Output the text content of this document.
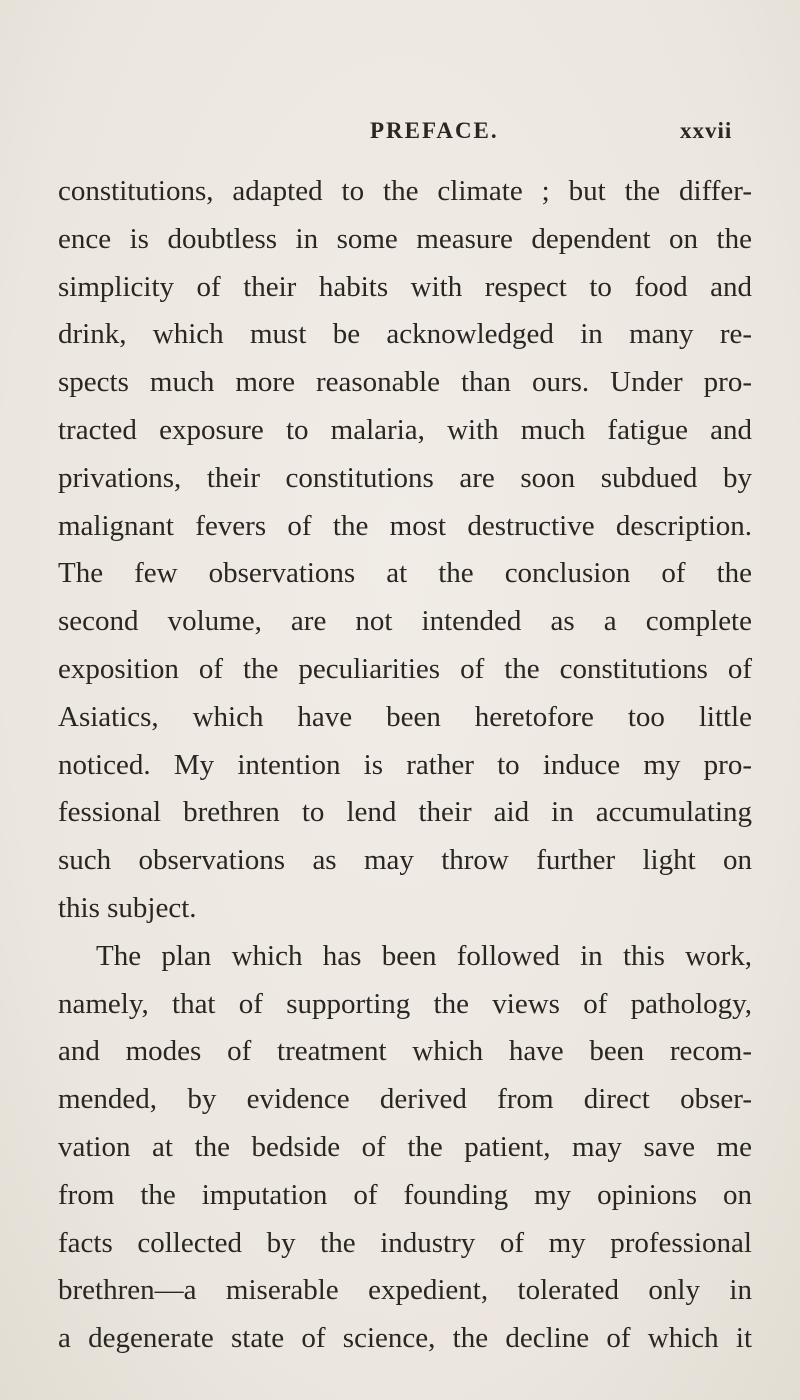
PREFACE.	xxvii
constitutions, adapted to the climate ; but the differ-
ence is doubtless in some measure dependent on the
simplicity of their habits with respect to food and
drink, which must be acknowledged in many re-
spects much more reasonable than ours. Under pro-
tracted exposure to malaria, with much fatigue and
privations, their constitutions are soon subdued by
malignant fevers of the most destructive description.
The few observations at the conclusion of the
second volume, are not intended as a complete
exposition of the peculiarities of the constitutions of
Asiatics, which have been heretofore too little
noticed. My intention is rather to induce my pro-
fessional brethren to lend their aid in accumulating
such observations as may throw further light on
this subject.
The plan which has been followed in this work,
namely, that of supporting the views of pathology,
and modes of treatment which have been recom-
mended, by evidence derived from direct obser-
vation at the bedside of the patient, may save me
from the imputation of founding my opinions on
facts collected by the industry of my professional
brethren—a miserable expedient, tolerated only in
a degenerate state of science, the decline of which it
